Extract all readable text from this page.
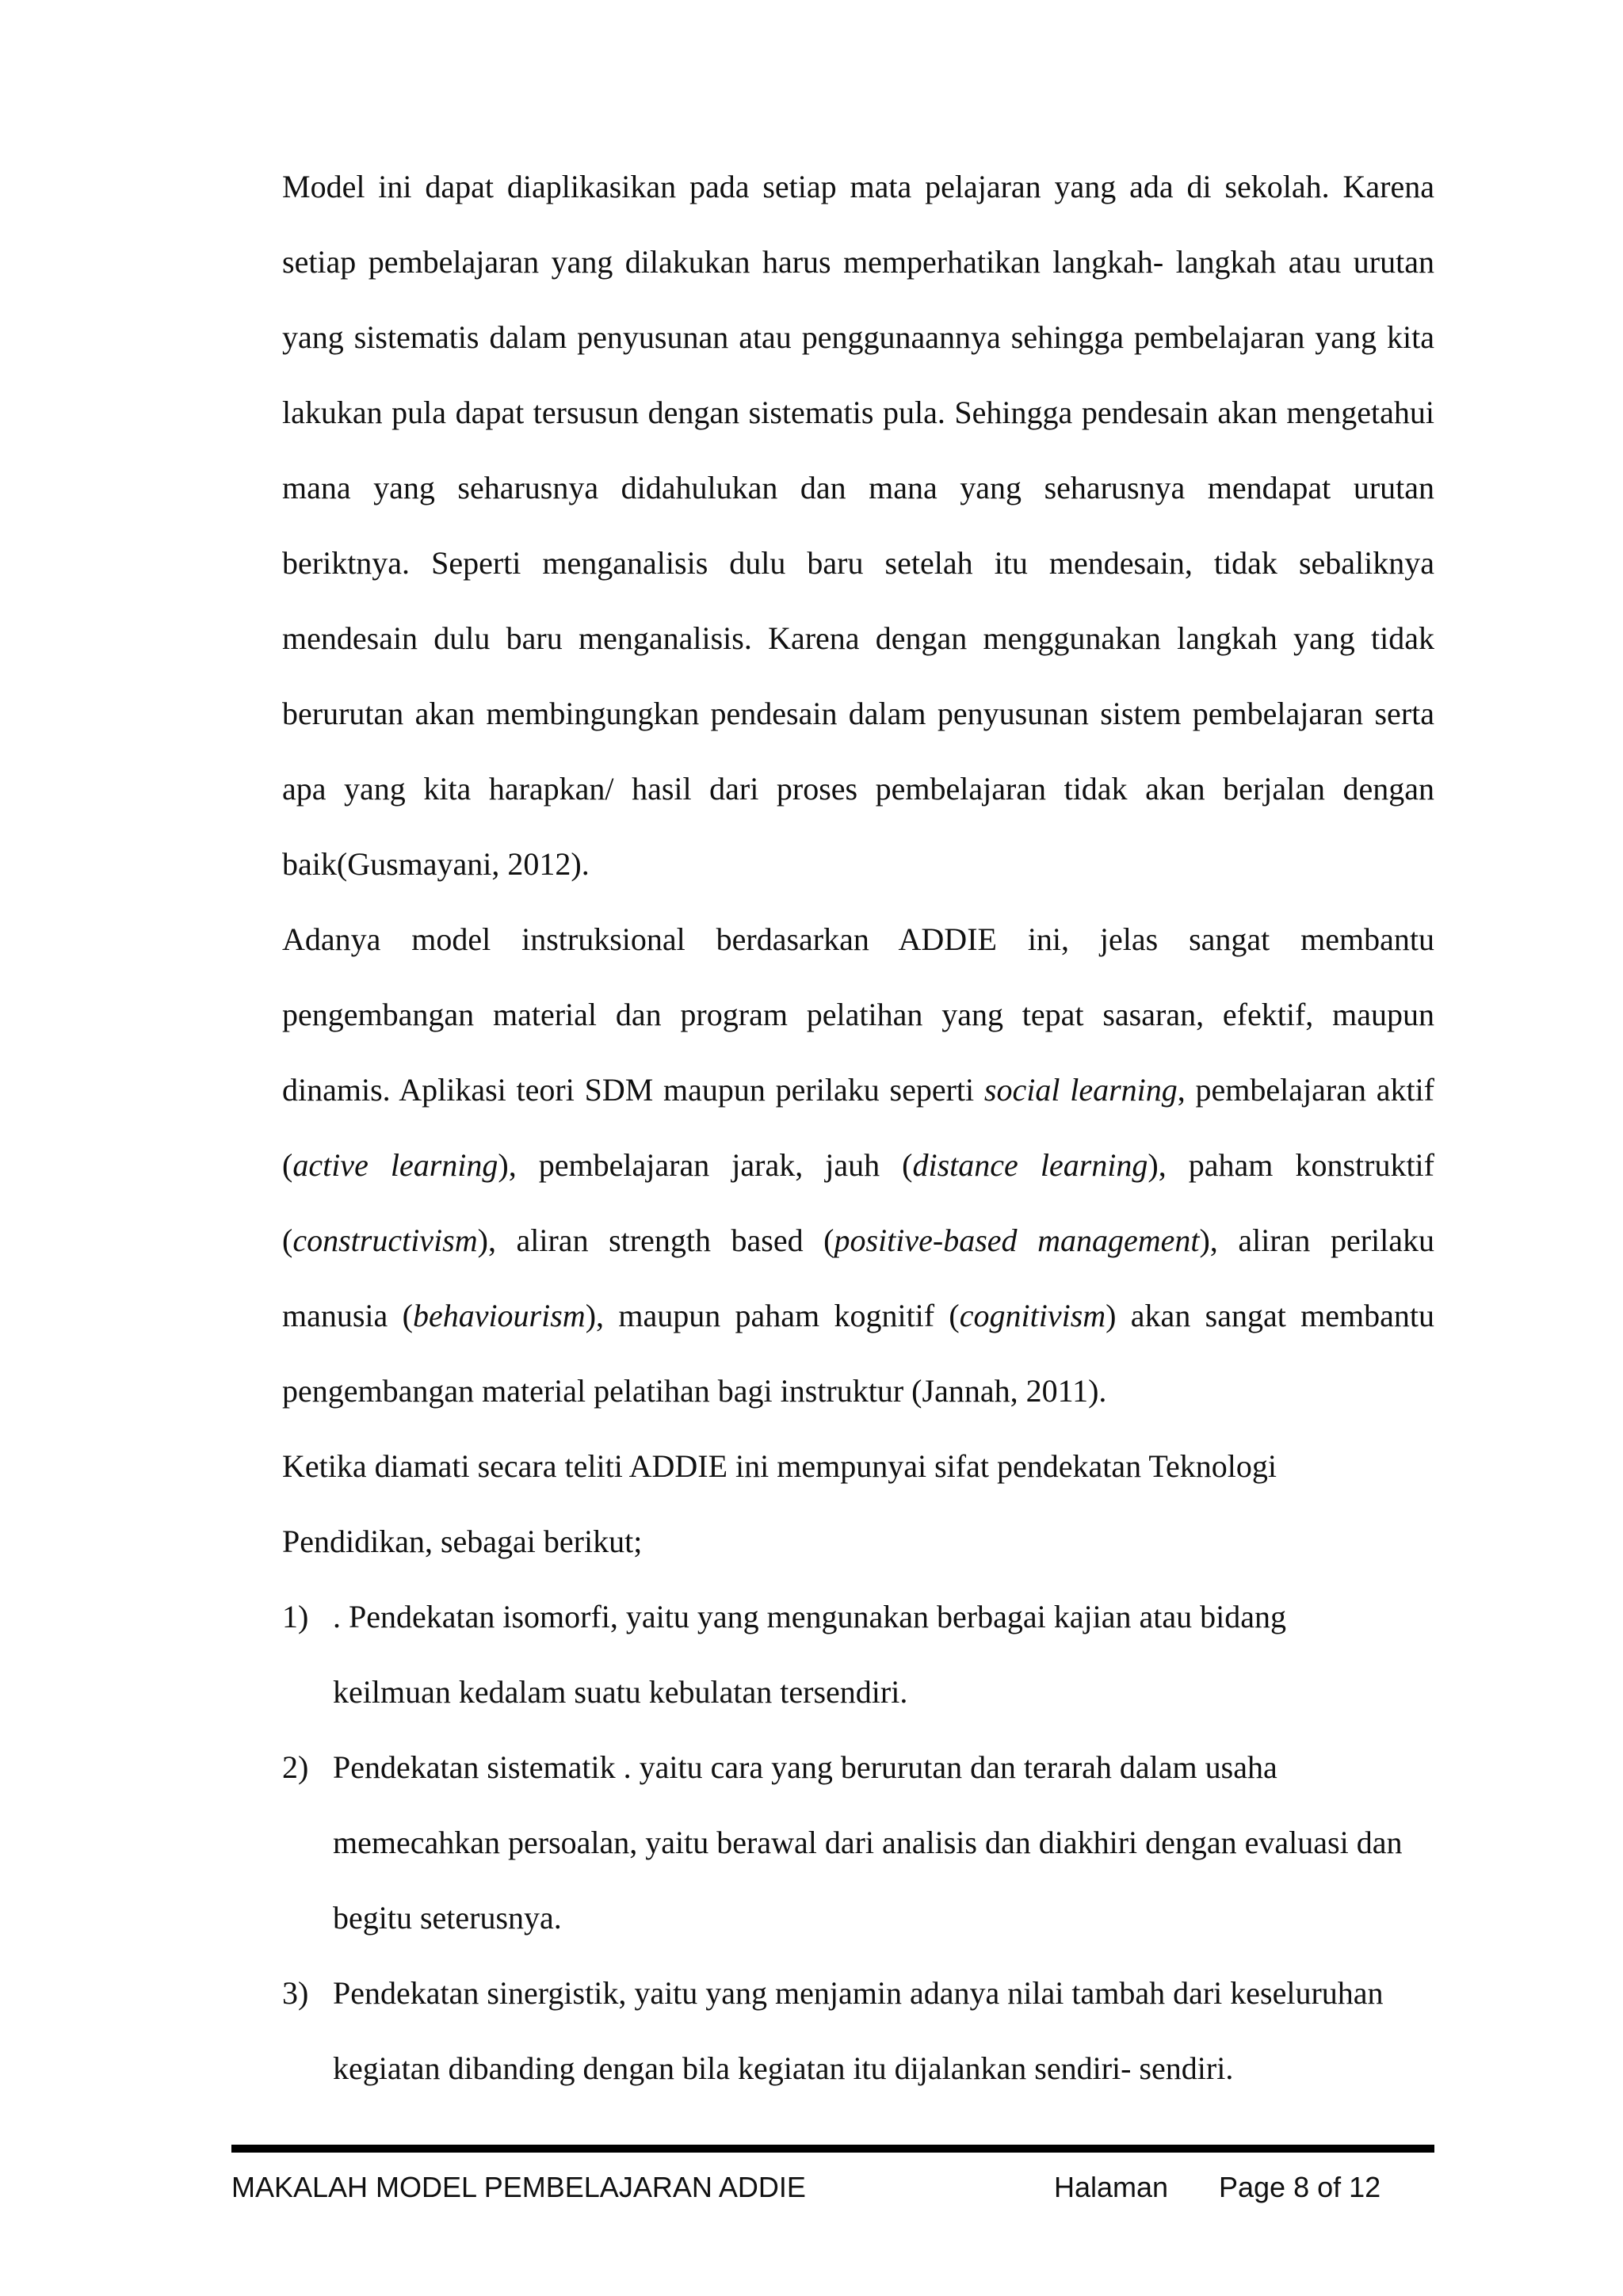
Model ini dapat diaplikasikan pada setiap mata pelajaran yang ada di sekolah. Karena setiap pembelajaran yang dilakukan harus memperhatikan langkah- langkah atau urutan yang sistematis dalam penyusunan atau penggunaannya sehingga pembelajaran yang kita lakukan pula dapat tersusun dengan sistematis pula. Sehingga pendesain akan mengetahui mana yang seharusnya didahulukan dan mana yang seharusnya mendapat urutan beriktnya. Seperti menganalisis dulu baru setelah itu mendesain, tidak sebaliknya mendesain dulu baru menganalisis. Karena dengan menggunakan langkah yang tidak berurutan akan membingungkan pendesain dalam penyusunan sistem pembelajaran serta apa yang kita harapkan/ hasil dari proses pembelajaran tidak akan berjalan dengan baik(Gusmayani, 2012).

Adanya model instruksional berdasarkan ADDIE ini, jelas sangat membantu pengembangan material dan program pelatihan yang tepat sasaran, efektif, maupun dinamis. Aplikasi teori SDM maupun perilaku seperti social learning, pembelajaran aktif (active learning), pembelajaran jarak, jauh (distance learning), paham konstruktif (constructivism), aliran strength based (positive-based management), aliran perilaku manusia (behaviourism), maupun paham kognitif (cognitivism) akan sangat membantu pengembangan material pelatihan bagi instruktur (Jannah, 2011).

Ketika diamati secara teliti ADDIE ini mempunyai sifat pendekatan Teknologi Pendidikan, sebagai berikut;

1) . Pendekatan isomorfi, yaitu yang mengunakan berbagai kajian atau bidang keilmuan kedalam suatu kebulatan tersendiri.
2) Pendekatan sistematik . yaitu cara yang berurutan dan terarah dalam usaha memecahkan persoalan, yaitu berawal dari analisis dan diakhiri dengan evaluasi dan begitu seterusnya.
3) Pendekatan sinergistik, yaitu yang menjamin adanya nilai tambah dari keseluruhan kegiatan dibanding dengan bila kegiatan itu dijalankan sendiri- sendiri.
MAKALAH MODEL PEMBELAJARAN ADDIE	Halaman Page 8 of 12
